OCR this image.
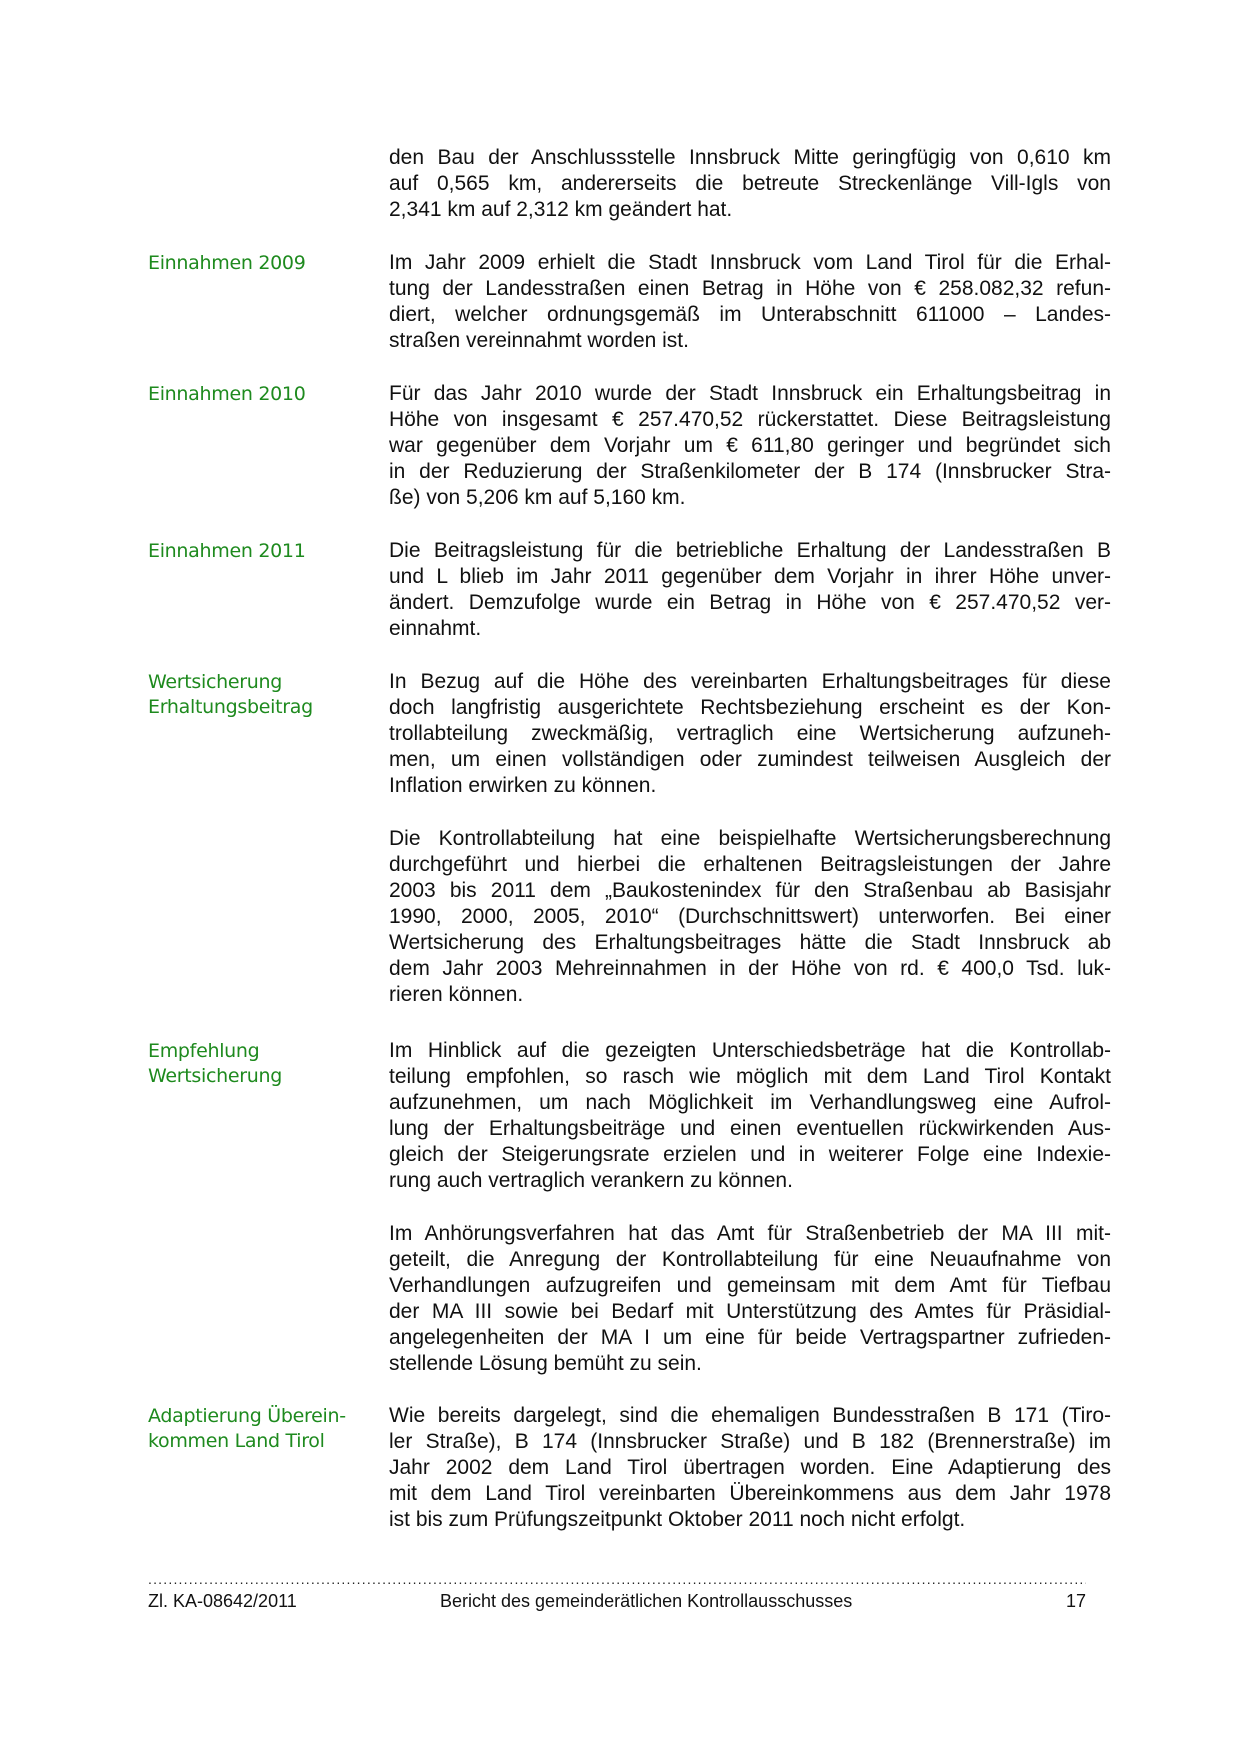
den Bau der Anschlussstelle Innsbruck Mitte geringfügig von 0,610 km
auf 0,565 km, andererseits die betreute Streckenlänge Vill-Igls von
2,341 km auf 2,312 km geändert hat.
Einnahmen 2009	Im Jahr 2009 erhielt die Stadt Innsbruck vom Land Tirol für die Erhal-
tung der Landesstraßen einen Betrag in Höhe von € 258.082,32 refun-
diert, welcher ordnungsgemäß im Unterabschnitt 611000 – Landes-
straßen vereinnahmt worden ist.
Einnahmen 2010	Für das Jahr 2010 wurde der Stadt Innsbruck ein Erhaltungsbeitrag in
Höhe von insgesamt € 257.470,52 rückerstattet. Diese Beitragsleistung
war gegenüber dem Vorjahr um € 611,80 geringer und begründet sich
in der Reduzierung der Straßenkilometer der B 174 (Innsbrucker Stra-
ße) von 5,206 km auf 5,160 km.
Einnahmen 2011	Die Beitragsleistung für die betriebliche Erhaltung der Landesstraßen B
und L blieb im Jahr 2011 gegenüber dem Vorjahr in ihrer Höhe unver-
ändert. Demzufolge wurde ein Betrag in Höhe von € 257.470,52 ver-
einnahmt.
Wertsicherung
Erhaltungsbeitrag
In Bezug auf die Höhe des vereinbarten Erhaltungsbeitrages für diese
doch langfristig ausgerichtete Rechtsbeziehung erscheint es der Kon-
trollabteilung zweckmäßig, vertraglich eine Wertsicherung aufzuneh-
men, um einen vollständigen oder zumindest teilweisen Ausgleich der
Inflation erwirken zu können.
Die Kontrollabteilung hat eine beispielhafte Wertsicherungsberechnung
durchgeführt und hierbei die erhaltenen Beitragsleistungen der Jahre
2003 bis 2011 dem „Baukostenindex für den Straßenbau ab Basisjahr
1990, 2000, 2005, 2010“ (Durchschnittswert) unterworfen. Bei einer
Wertsicherung des Erhaltungsbeitrages hätte die Stadt Innsbruck ab
dem Jahr 2003 Mehreinnahmen in der Höhe von rd. € 400,0 Tsd. luk-
rieren können.
Empfehlung
Wertsicherung
Im Hinblick auf die gezeigten Unterschiedsbeträge hat die Kontrollab-
teilung empfohlen, so rasch wie möglich mit dem Land Tirol Kontakt
aufzunehmen, um nach Möglichkeit im Verhandlungsweg eine Aufrol-
lung der Erhaltungsbeiträge und einen eventuellen rückwirkenden Aus-
gleich der Steigerungsrate erzielen und in weiterer Folge eine Indexie-
rung auch vertraglich verankern zu können.
Im Anhörungsverfahren hat das Amt für Straßenbetrieb der MA III mit-
geteilt, die Anregung der Kontrollabteilung für eine Neuaufnahme von
Verhandlungen aufzugreifen und gemeinsam mit dem Amt für Tiefbau
der MA III sowie bei Bedarf mit Unterstützung des Amtes für Präsidial-
angelegenheiten der MA I um eine für beide Vertragspartner zufrieden-
stellende Lösung bemüht zu sein.
Adaptierung Überein-
kommen Land Tirol
Wie bereits dargelegt, sind die ehemaligen Bundesstraßen B 171 (Tiro-
ler Straße), B 174 (Innsbrucker Straße) und B 182 (Brennerstraße) im
Jahr 2002 dem Land Tirol übertragen worden. Eine Adaptierung des
mit dem Land Tirol vereinbarten Übereinkommens aus dem Jahr 1978
ist bis zum Prüfungszeitpunkt Oktober 2011 noch nicht erfolgt.
.....
Zl. KA-08642/2011	Bericht des gemeinderätlichen Kontrollausschusses	17
